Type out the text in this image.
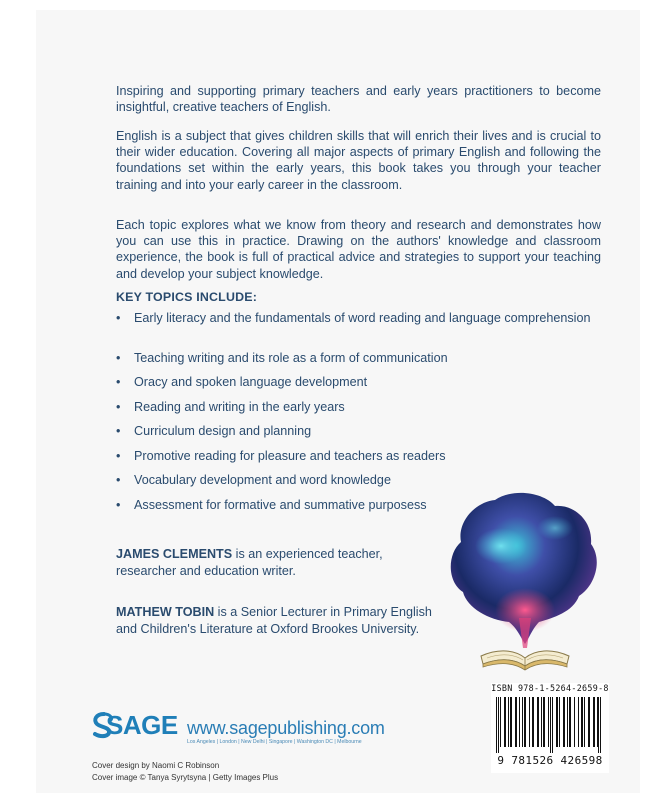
Inspiring and supporting primary teachers and early years practitioners to become insightful, creative teachers of English.

English is a subject that gives children skills that will enrich their lives and is crucial to their wider education. Covering all major aspects of primary English and following the foundations set within the early years, this book takes you through your teacher training and into your early career in the classroom.

Each topic explores what we know from theory and research and demonstrates how you can use this in practice. Drawing on the authors' knowledge and classroom experience, the book is full of practical advice and strategies to support your teaching and develop your subject knowledge.

KEY TOPICS INCLUDE:
•	Early literacy and the fundamentals of word reading and language comprehension
•	Teaching writing and its role as a form of communication
•	Oracy and spoken language development
•	Reading and writing in the early years
•	Curriculum design and planning
•	Promotive reading for pleasure and teachers as readers
•	Vocabulary development and word knowledge
•	Assessment for formative and summative purposess
JAMES CLEMENTS is an experienced teacher, researcher and education writer.
MATHEW TOBIN is a Senior Lecturer in Primary English and Children's Literature at Oxford Brookes University.
ISBN 978-1-5264-2659-8
9 781526 426598
SAGE www.sagepublishing.com
Los Angeles | London | New Delhi | Singapore | Washington DC | Melbourne
Cover design by Naomi C Robinson
Cover image © Tanya Syrytsyna | Getty Images Plus
